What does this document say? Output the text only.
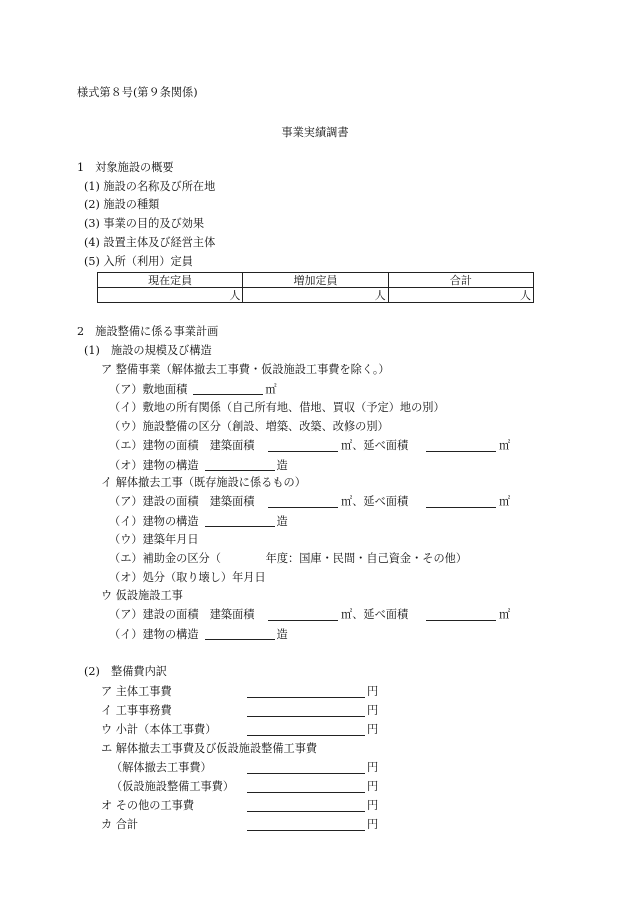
様式第８号(第９条関係)
事業実績調書
1　対象施設の概要
(1) 施設の名称及び所在地
(2) 施設の種類
(3) 事業の目的及び効果
(4) 設置主体及び経営主体
(5) 入所（利用）定員
現在定員	増加定員	合計
人	人	人
2　施設整備に係る事業計画
(1)　施設の規模及び構造
ア 整備事業（解体撤去工事費・仮設施設工事費を除く。）
（ア）敷地面積	㎡
（イ）敷地の所有関係（自己所有地、借地、買収（予定）地の別）
（ウ）施設整備の区分（創設、増築、改築、改修の別）
（エ）建物の面積　建築面積	㎡、延べ面積	㎡
（オ）建物の構造	造
イ 解体撤去工事（既存施設に係るもの）
（ア）建設の面積　建築面積	㎡、延べ面積	㎡
（イ）建物の構造	造
（ウ）建築年月日
（エ）補助金の区分（　　　　年度：国庫・民間・自己資金・その他）
（オ）処分（取り壊し）年月日
ウ 仮設施設工事
（ア）建設の面積　建築面積	㎡、延べ面積	㎡
（イ）建物の構造	造
(2)　整備費内訳
ア 主体工事費	円
イ 工事事務費	円
ウ 小計（本体工事費）	円
エ 解体撤去工事費及び仮設施設整備工事費
（解体撤去工事費）	円
（仮設施設整備工事費）	円
オ その他の工事費	円
カ 合計	円
